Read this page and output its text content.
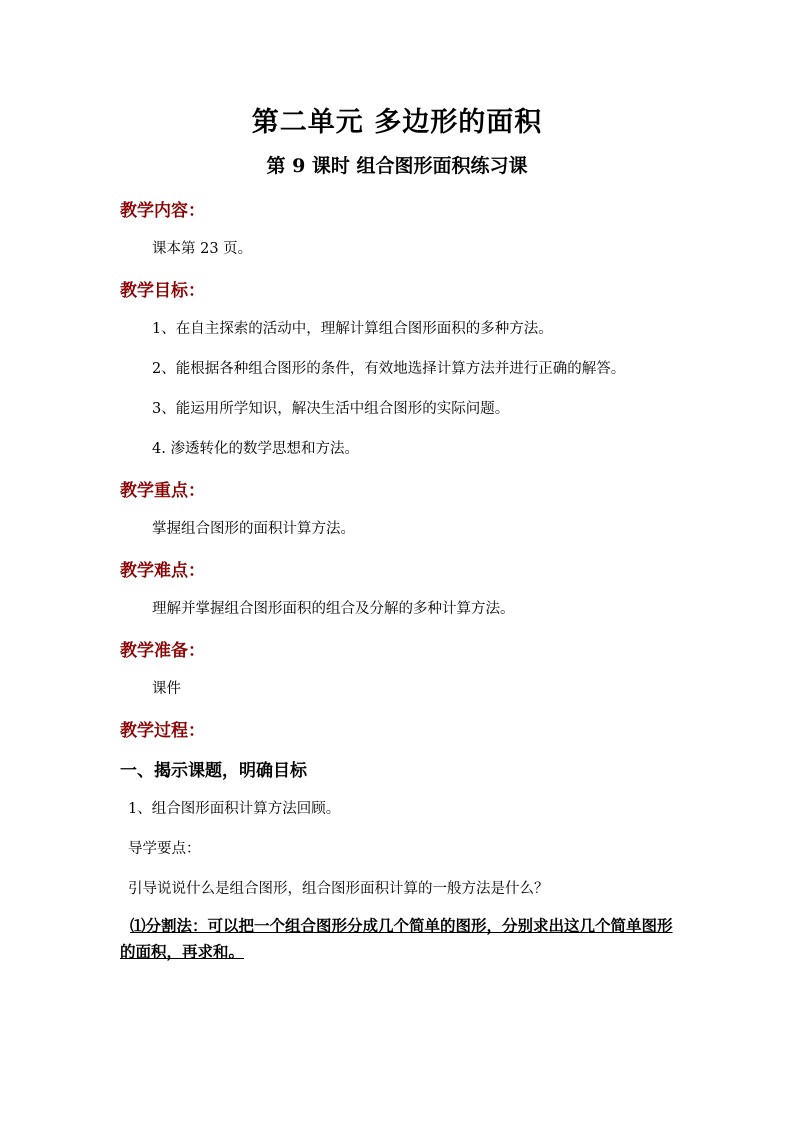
第二单元 多边形的面积
第 9 课时 组合图形面积练习课
教学内容：
课本第 23 页。
教学目标：
1、在自主探索的活动中，理解计算组合图形面积的多种方法。
2、能根据各种组合图形的条件，有效地选择计算方法并进行正确的解答。
3、能运用所学知识，解决生活中组合图形的实际问题。
4. 渗透转化的数学思想和方法。
教学重点：
掌握组合图形的面积计算方法。
教学难点：
理解并掌握组合图形面积的组合及分解的多种计算方法。
教学准备：
课件
教学过程：
一、揭示课题，明确目标
1、组合图形面积计算方法回顾。
导学要点：
引导说说什么是组合图形，组合图形面积计算的一般方法是什么？
⑴分割法：可以把一个组合图形分成几个简单的图形，分别求出这几个简单图形的面积，再求和。
